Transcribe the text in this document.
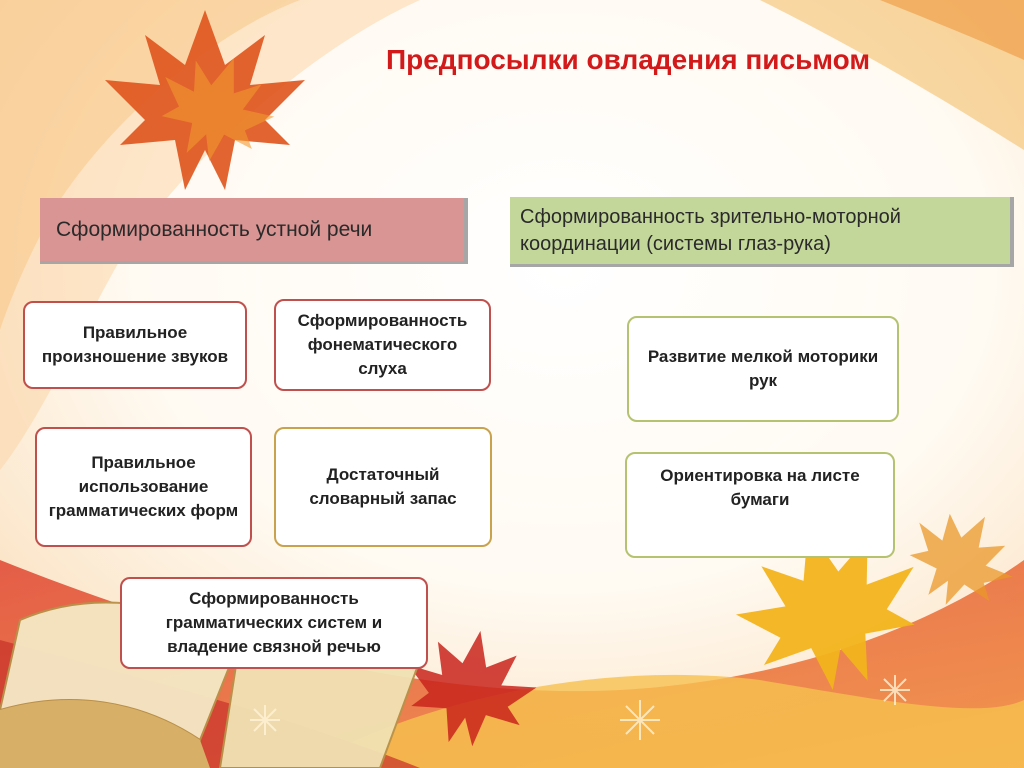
Предпосылки овладения письмом
Сформированность устной речи
Сформированность зрительно-моторной координации (системы глаз-рука)
Правильное произношение звуков
Сформированность фонематического слуха
Правильное использование грамматических форм
Достаточный словарный запас
Сформированность грамматических систем и владение связной речью
Развитие мелкой моторики рук
Ориентировка на листе бумаги
